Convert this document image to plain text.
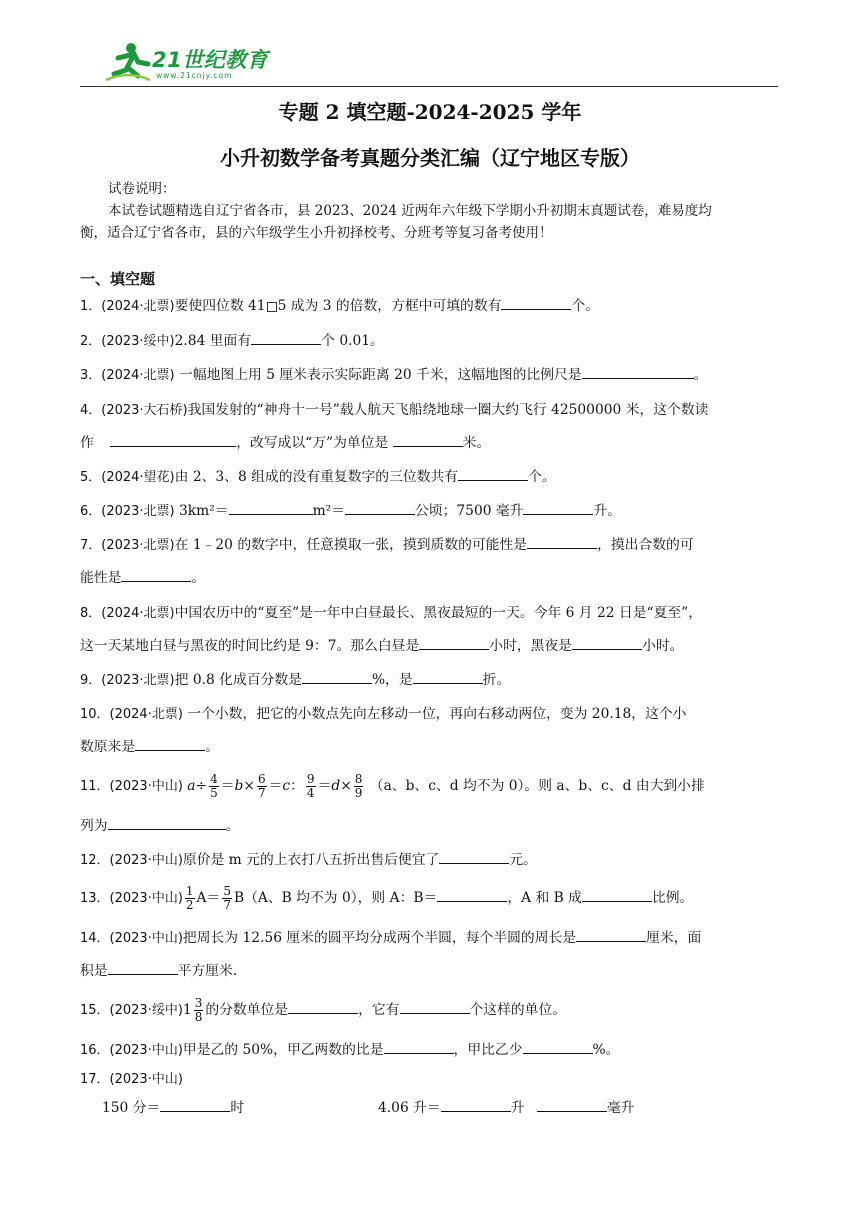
21世纪教育
www.21cnjy.com
专题 2 填空题-2024-2025 学年
小升初数学备考真题分类汇编（辽宁地区专版）
试卷说明：
本试卷试题精选自辽宁省各市，县 2023、2024 近两年六年级下学期小升初期末真题试卷，难易度均
衡，适合辽宁省各市，县的六年级学生小升初择校考、分班考等复习备考使用！
一、填空题
1．(2024·北票)要使四位数 41 5 成为 3 的倍数，方框中可填的数有	个。
2．(2023·绥中)2.84 里面有	个 0.01。
3．(2024·北票) 一幅地图上用 5 厘米表示实际距离 20 千米，这幅地图的比例尺是	。
4．(2023·大石桥)我国发射的“神舟十一号”载人航天飞船绕地球一圈大约飞行 42500000 米，这个数读
作	，改写成以“万”为单位是	米。
5．(2024·望花)由 2、3、8 组成的没有重复数字的三位数共有	个。
6．(2023·北票) 3km²＝	m²＝	公顷；7500 毫升	升。
7．(2023·北票)在 1﹣20 的数字中，任意摸取一张，摸到质数的可能性是	，摸出合数的可
能性是	。
8．(2024·北票)中国农历中的“夏至”是一年中白昼最长、黑夜最短的一天。今年 6 月 22 日是“夏至”，
这一天某地白昼与黑夜的时间比约是 9：7。那么白昼是	小时，黑夜是	小时。
9．(2023·北票)把 0.8 化成百分数是	%，是	折。
10．(2024·北票) 一个小数，把它的小数点先向左移动一位，再向右移动两位，变为 20.18，这个小
数原来是	。
11．(2023·中山) $a\div \frac{4}{5} =b\times \frac{6}{7} =c$： $\frac{9}{4} =d\times \frac{8}{9} (a$、b、c、d 均不为 0）。则 a、b、c、d 由大到小排
列为	。
12．(2023·中山)原价是 m 元的上衣打八五折出售后便宜了	元。
13．(2023·中山) $\frac{1}{2} A= \frac{5}{7} B(A$、B 均不为 0），则 A：B＝	，A 和 B 成	比例。
14．(2023·中山)把周长为 12.56 厘米的圆平均分成两个半圆，每个半圆的周长是	厘米，面
积是	平方厘米.
15．(2023·绥中)$1 \frac{3}{8}$ 的分数单位是	，它有	个这样的单位。
16．(2023·中山)甲是乙的 50%，甲乙两数的比是	，甲比乙少	%。
17．(2023·中山)
150 分＝	时	4.06 升＝	升	毫升
